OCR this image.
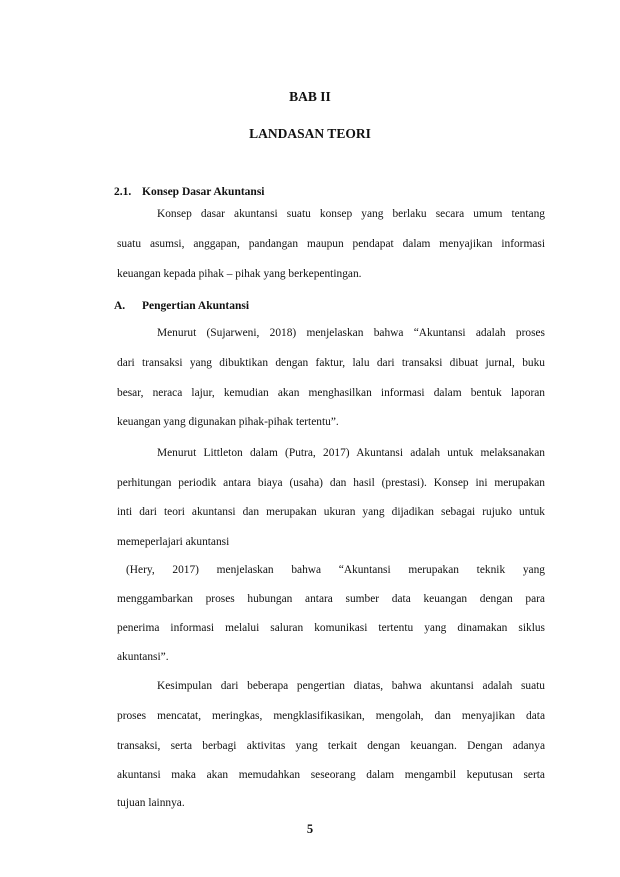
BAB II
LANDASAN TEORI
2.1. Konsep Dasar Akuntansi
Konsep dasar akuntansi suatu konsep yang berlaku secara umum tentang
suatu asumsi, anggapan, pandangan maupun pendapat dalam menyajikan informasi
keuangan kepada pihak – pihak yang berkepentingan.
A. Pengertian Akuntansi
Menurut (Sujarweni, 2018) menjelaskan bahwa “Akuntansi adalah proses
dari transaksi yang dibuktikan dengan faktur, lalu dari transaksi dibuat jurnal, buku
besar, neraca lajur, kemudian akan menghasilkan informasi dalam bentuk laporan
keuangan yang digunakan pihak-pihak tertentu”.
Menurut Littleton dalam (Putra, 2017) Akuntansi adalah untuk melaksanakan
perhitungan periodik antara biaya (usaha) dan hasil (prestasi). Konsep ini merupakan
inti dari teori akuntansi dan merupakan ukuran yang dijadikan sebagai rujuko untuk
memeperlajari akuntansi
(Hery, 2017) menjelaskan bahwa “Akuntansi merupakan teknik yang
menggambarkan proses hubungan antara sumber data keuangan dengan para
penerima informasi melalui saluran komunikasi tertentu yang dinamakan siklus
akuntansi”.
Kesimpulan dari beberapa pengertian diatas, bahwa akuntansi adalah suatu
proses mencatat, meringkas, mengklasifikasikan, mengolah, dan menyajikan data
transaksi, serta berbagi aktivitas yang terkait dengan keuangan. Dengan adanya
akuntansi maka akan memudahkan seseorang dalam mengambil keputusan serta
tujuan lainnya.
5
